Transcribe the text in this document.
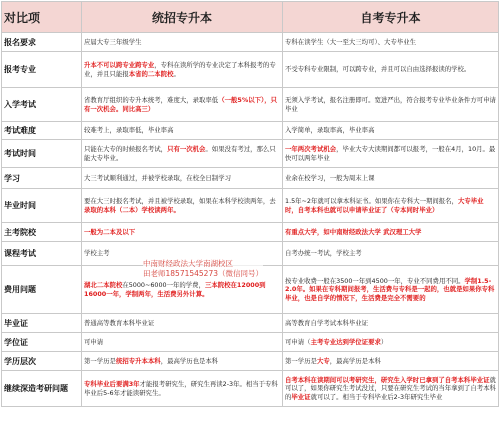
对比项	统招专升本	自考专升本
报名要求	应届大专三年级学生	专科在读学生（大一至大三均可）、大专毕业生
报考专业	升本不可以跨专业跨专业，专科在读所学的专业决定了本科报考的专业，并且只能报本省的二本院校。	不受专科专业限制，可以跨专业，并且可以自由选择报读的学校。
入学考试	省教育厅组织的专升本统考，难度大，录取率低（一般5%以下），只有一次机会。同比高三）	无须入学考试，报名注册即可。宽进严出，符合报考专业毕业条件方可申请毕业
考试难度	较难考上，录取率低，毕业率高	入学简单，录取率高，毕业率高
考试时间	只能在大专的时候报名考试，只有一次机会。如果没有考过，那么只能大专毕业。	一年两次考试机会，毕业大专大读期间都可以报考，一般在4月，10月。最快可以两年毕业
学习	大三考试顺利通过，并被学校录取，在校全日制学习	业余在校学习，一般为周末上课
毕业时间	要在大三时报名考试，并且被学校录取，如果在本科学校读两年，去录取的本科（二本）学校读两年。	1.5年~2年就可以拿本科证书。如果你在专科大一期间报名，大专毕业时，自考本科也就可以申请毕业证了（专本同时毕业）
主考院校	一般为二本及以下	有重点大学，如中南财经政法大学 武汉理工大学
课程考试	学校主考	自考办统一考试，学校主考
费用问题	湖北二本院校在5000~6000一年的学费，三本院校在12000到16000一年，学制两年，生活费另外计算。	按专业收费一般在3500一年到4500一年，专业不同费用不同。学制1.5-2.0年。如果在专科期间报考，生活费与专科是一起的，也就是如果你专科毕业，也是自学的情况下，生活费是完全不需要的
毕业证	普通高等教育本科毕业证	高等教育自学考试本科毕业证
学位证	可申请	可申请（主考专业达到学位证要求）
学历层次	第一学历是统招专升本本科，最高学历也是本科	第一学历是大专，最高学历是本科
继续深造考研问题	专科毕业后要满3年才能报考研究生，研究生再读2-3年。相当于专科毕业后5-6年才能读研究生。	自考本科在读期间可以考研究生，研究生入学时已拿到了自考本科毕业证就可以了，如果你研究生考试没过，只要在研究生考试的当年拿到了自考本科的毕业证就可以了。相当于专科毕业后2-3年研究生毕业
中南财经政法大学南湖校区
田老师18571545273（微信同号）
